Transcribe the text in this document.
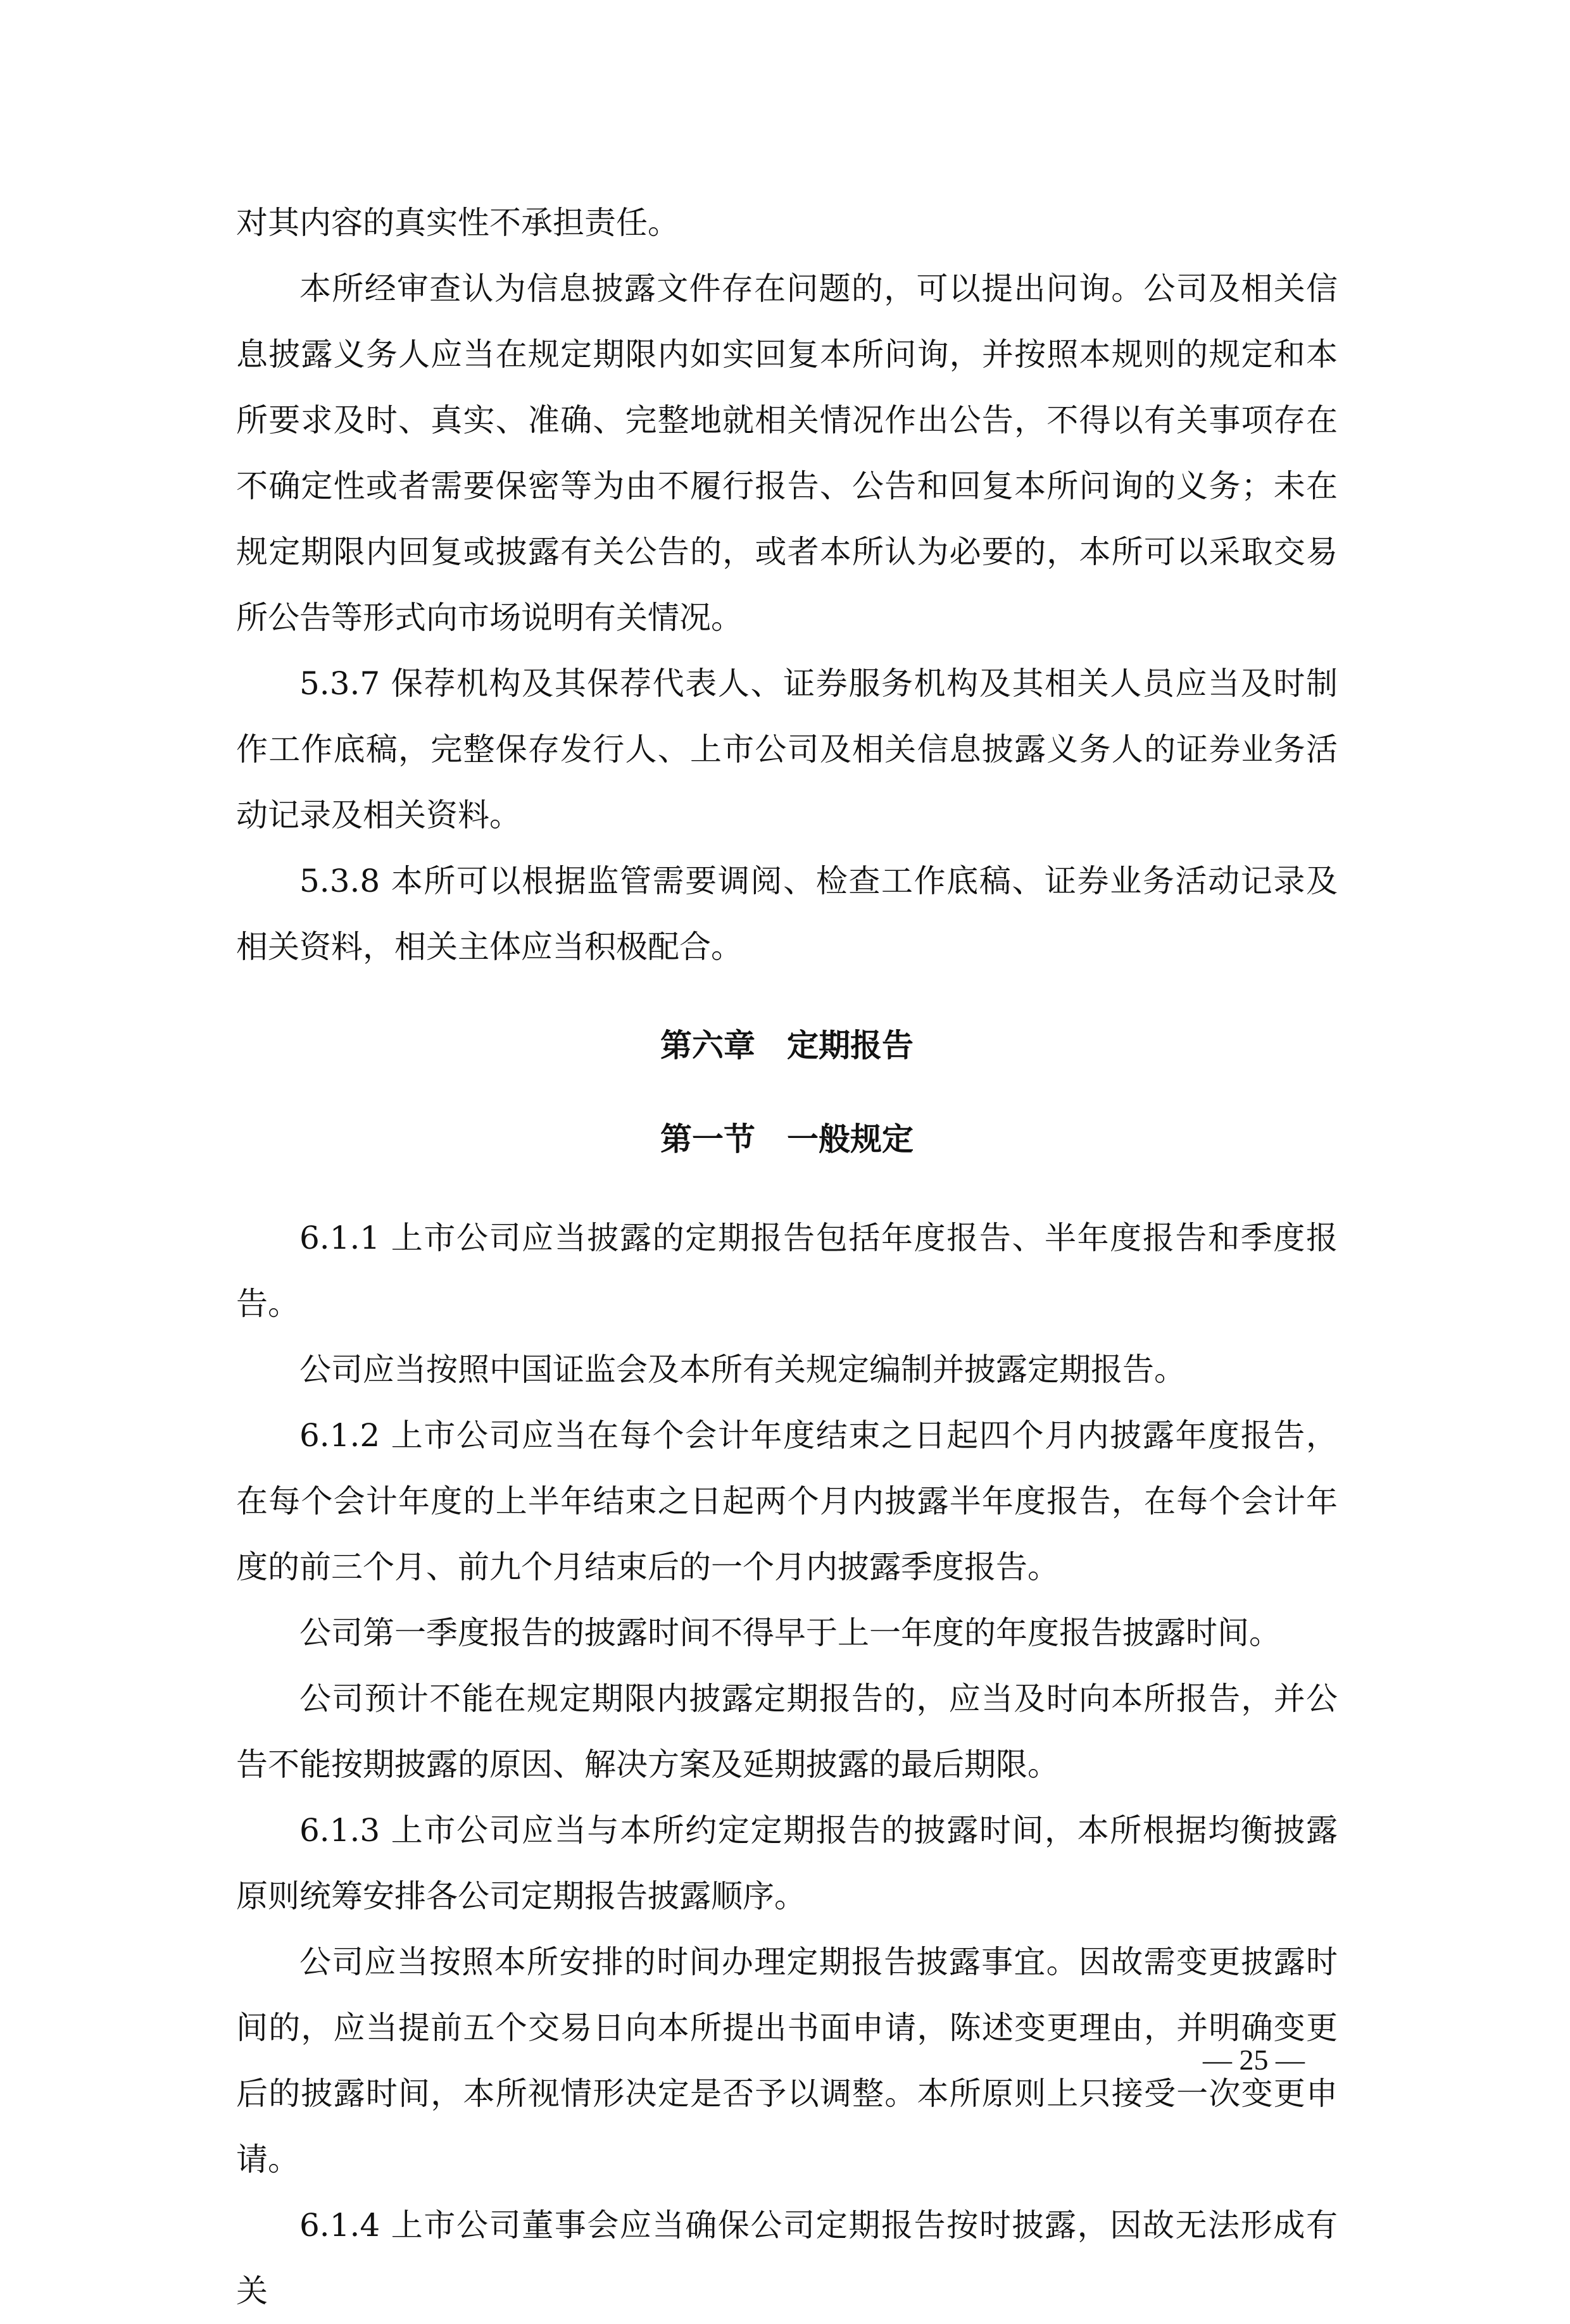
对其内容的真实性不承担责任。

本所经审查认为信息披露文件存在问题的，可以提出问询。公司及相关信息披露义务人应当在规定期限内如实回复本所问询，并按照本规则的规定和本所要求及时、真实、准确、完整地就相关情况作出公告，不得以有关事项存在不确定性或者需要保密等为由不履行报告、公告和回复本所问询的义务；未在规定期限内回复或披露有关公告的，或者本所认为必要的，本所可以采取交易所公告等形式向市场说明有关情况。

5.3.7 保荐机构及其保荐代表人、证券服务机构及其相关人员应当及时制作工作底稿，完整保存发行人、上市公司及相关信息披露义务人的证券业务活动记录及相关资料。

5.3.8 本所可以根据监管需要调阅、检查工作底稿、证券业务活动记录及相关资料，相关主体应当积极配合。

第六章　定期报告
第一节　一般规定

6.1.1 上市公司应当披露的定期报告包括年度报告、半年度报告和季度报告。

公司应当按照中国证监会及本所有关规定编制并披露定期报告。

6.1.2 上市公司应当在每个会计年度结束之日起四个月内披露年度报告，在每个会计年度的上半年结束之日起两个月内披露半年度报告，在每个会计年度的前三个月、前九个月结束后的一个月内披露季度报告。

公司第一季度报告的披露时间不得早于上一年度的年度报告披露时间。

公司预计不能在规定期限内披露定期报告的，应当及时向本所报告，并公告不能按期披露的原因、解决方案及延期披露的最后期限。

6.1.3 上市公司应当与本所约定定期报告的披露时间，本所根据均衡披露原则统筹安排各公司定期报告披露顺序。

公司应当按照本所安排的时间办理定期报告披露事宜。因故需变更披露时间的，应当提前五个交易日向本所提出书面申请，陈述变更理由，并明确变更后的披露时间，本所视情形决定是否予以调整。本所原则上只接受一次变更申请。

6.1.4 上市公司董事会应当确保公司定期报告按时披露，因故无法形成有关

— 25 —
